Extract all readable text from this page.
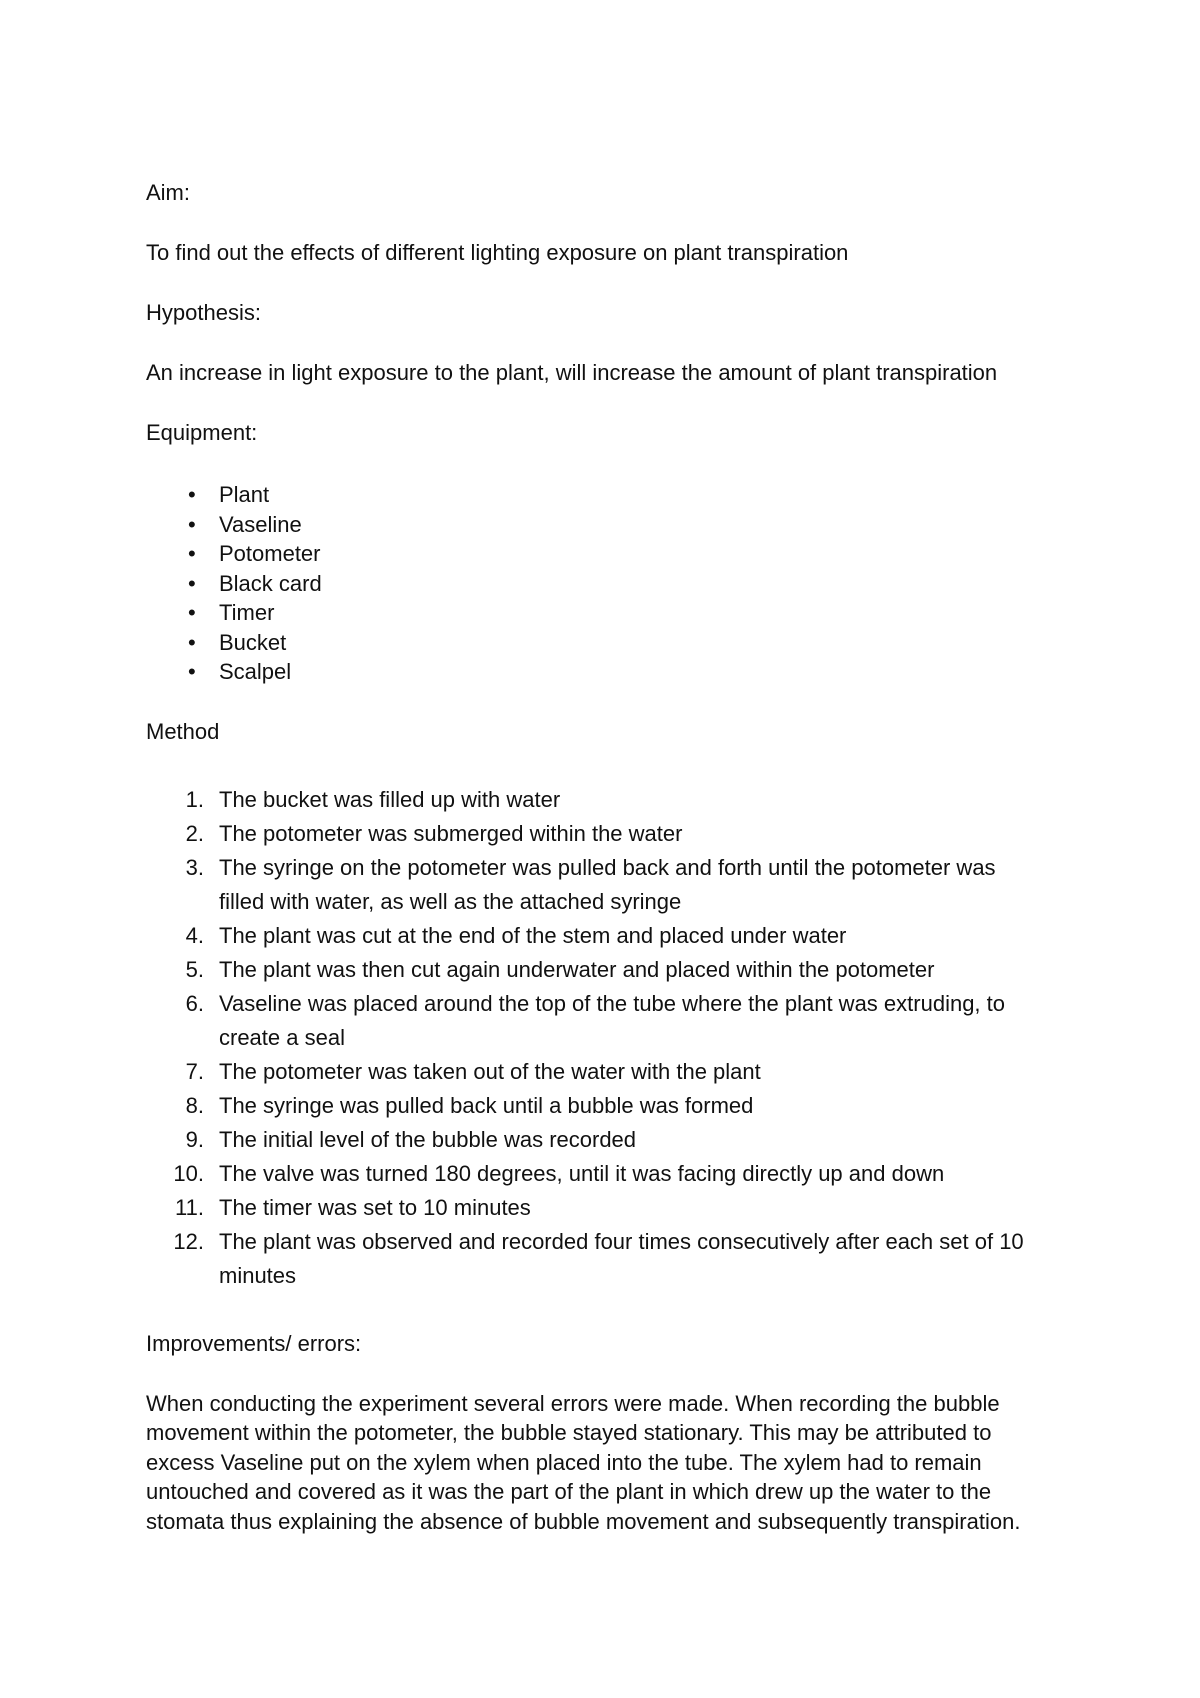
Aim:

To find out the effects of different lighting exposure on plant transpiration

Hypothesis:

An increase in light exposure to the plant, will increase the amount of plant transpiration

Equipment:

• Plant
• Vaseline
• Potometer
• Black card
• Timer
• Bucket
• Scalpel

Method

1. The bucket was filled up with water
2. The potometer was submerged within the water
3. The syringe on the potometer was pulled back and forth until the potometer was filled with water, as well as the attached syringe
4. The plant was cut at the end of the stem and placed under water
5. The plant was then cut again underwater and placed within the potometer
6. Vaseline was placed around the top of the tube where the plant was extruding, to create a seal
7. The potometer was taken out of the water with the plant
8. The syringe was pulled back until a bubble was formed
9. The initial level of the bubble was recorded
10. The valve was turned 180 degrees, until it was facing directly up and down
11. The timer was set to 10 minutes
12. The plant was observed and recorded four times consecutively after each set of 10 minutes

Improvements/ errors:

When conducting the experiment several errors were made. When recording the bubble movement within the potometer, the bubble stayed stationary. This may be attributed to excess Vaseline put on the xylem when placed into the tube. The xylem had to remain untouched and covered as it was the part of the plant in which drew up the water to the stomata thus explaining the absence of bubble movement and subsequently transpiration.
